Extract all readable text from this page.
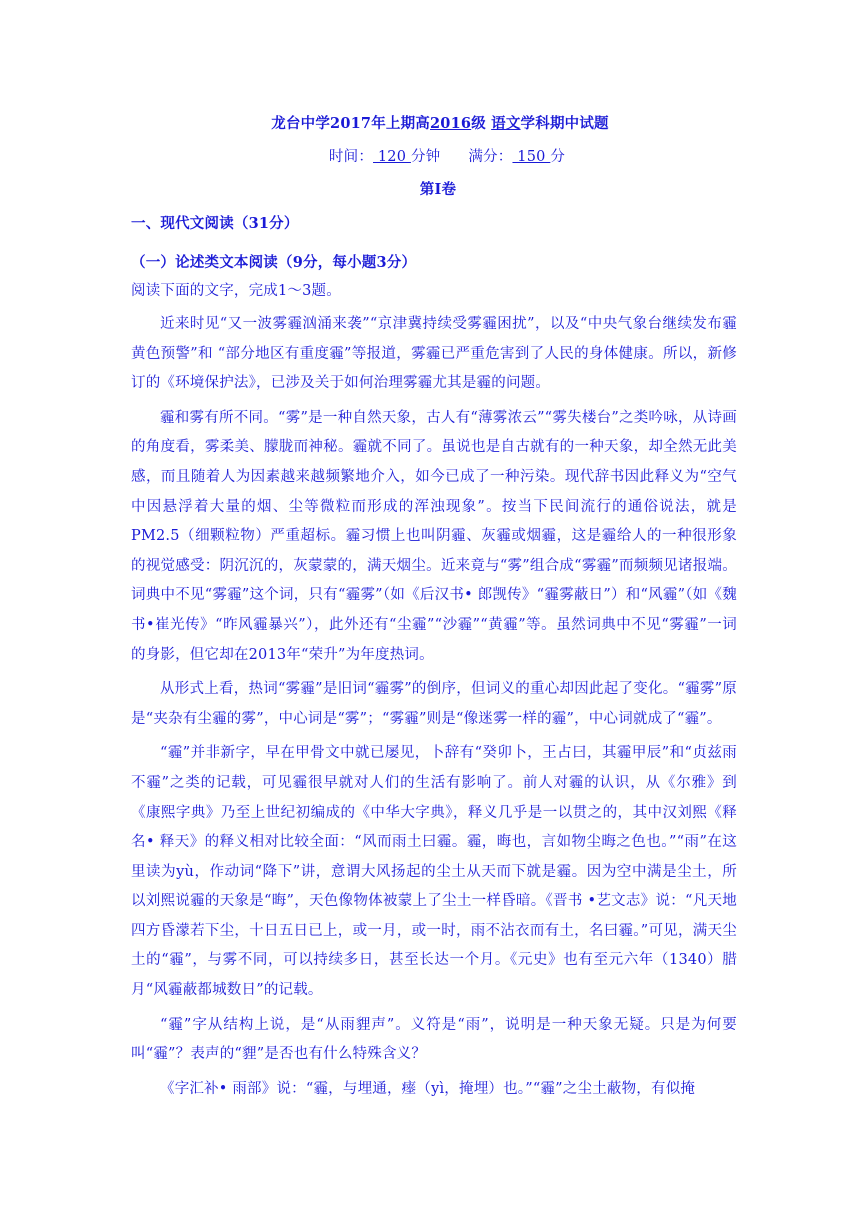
龙台中学2017年上期高2016级 语文学科期中试题
时间： 120 分钟 满分： 150 分
第Ⅰ卷
一、现代文阅读（31分）
（一）论述类文本阅读（9分，每小题3分）
阅读下面的文字，完成1～3题。

近来时见“又一波雾霾汹涌来袭”“京津冀持续受雾霾困扰”，以及“中央气象台继续发布霾黄色预警”和 “部分地区有重度霾”等报道，雾霾已严重危害到了人民的身体健康。所以，新修订的《环境保护法》，已涉及关于如何治理雾霾尤其是霾的问题。

霾和雾有所不同。“雾”是一种自然天象，古人有“薄雾浓云”“雾失楼台”之类吟咏，从诗画的角度看，雾柔美、朦胧而神秘。霾就不同了。虽说也是自古就有的一种天象，却全然无此美感，而且随着人为因素越来越频繁地介入，如今已成了一种污染。现代辞书因此释义为“空气中因悬浮着大量的烟、尘等微粒而形成的浑浊现象”。按当下民间流行的通俗说法，就是PM2.5（细颗粒物）严重超标。霾习惯上也叫阴霾、灰霾或烟霾，这是霾给人的一种很形象的视觉感受：阴沉沉的，灰蒙蒙的，满天烟尘。近来竟与“雾”组合成“雾霾”而频频见诸报端。词典中不见“雾霾”这个词，只有“霾雾”（如《后汉书• 郎觊传》“霾雾蔽日”）和“风霾”（如《魏书•崔光传》“昨风霾暴兴”），此外还有“尘霾”“沙霾”“黄霾”等。虽然词典中不见“雾霾”一词的身影，但它却在2013年“荣升”为年度热词。

从形式上看，热词“雾霾”是旧词“霾雾”的倒序，但词义的重心却因此起了变化。“霾雾”原是“夹杂有尘霾的雾”，中心词是“雾”；“雾霾”则是“像迷雾一样的霾”，中心词就成了“霾”。

“霾”并非新字，早在甲骨文中就已屡见，卜辞有“癸卯卜，王占曰，其霾甲辰”和“贞兹雨不霾”之类的记载，可见霾很早就对人们的生活有影响了。前人对霾的认识，从《尔雅》到《康熙字典》乃至上世纪初编成的《中华大字典》，释义几乎是一以贯之的，其中汉刘熙《释名• 释天》的释义相对比较全面：“风而雨土曰霾。霾，晦也，言如物尘晦之色也。”“雨”在这里读为yù，作动词“降下”讲，意谓大风扬起的尘土从天而下就是霾。因为空中满是尘土，所以刘熙说霾的天象是“晦”，天色像物体被蒙上了尘土一样昏暗。《晋书 •艺文志》说：“凡天地四方昏濛若下尘，十日五日已上，或一月，或一时，雨不沾衣而有土，名曰霾。”可见，满天尘土的“霾”，与雾不同，可以持续多日，甚至长达一个月。《元史》也有至元六年（1340）腊月“风霾蔽都城数日”的记载。

“霾”字从结构上说，是“从雨貍声”。义符是“雨”，说明是一种天象无疑。只是为何要叫“霾”？表声的“貍”是否也有什么特殊含义？

《字汇补• 雨部》说：“霾，与埋通，瘗（yì，掩埋）也。”“霾”之尘土蔽物，有似掩
